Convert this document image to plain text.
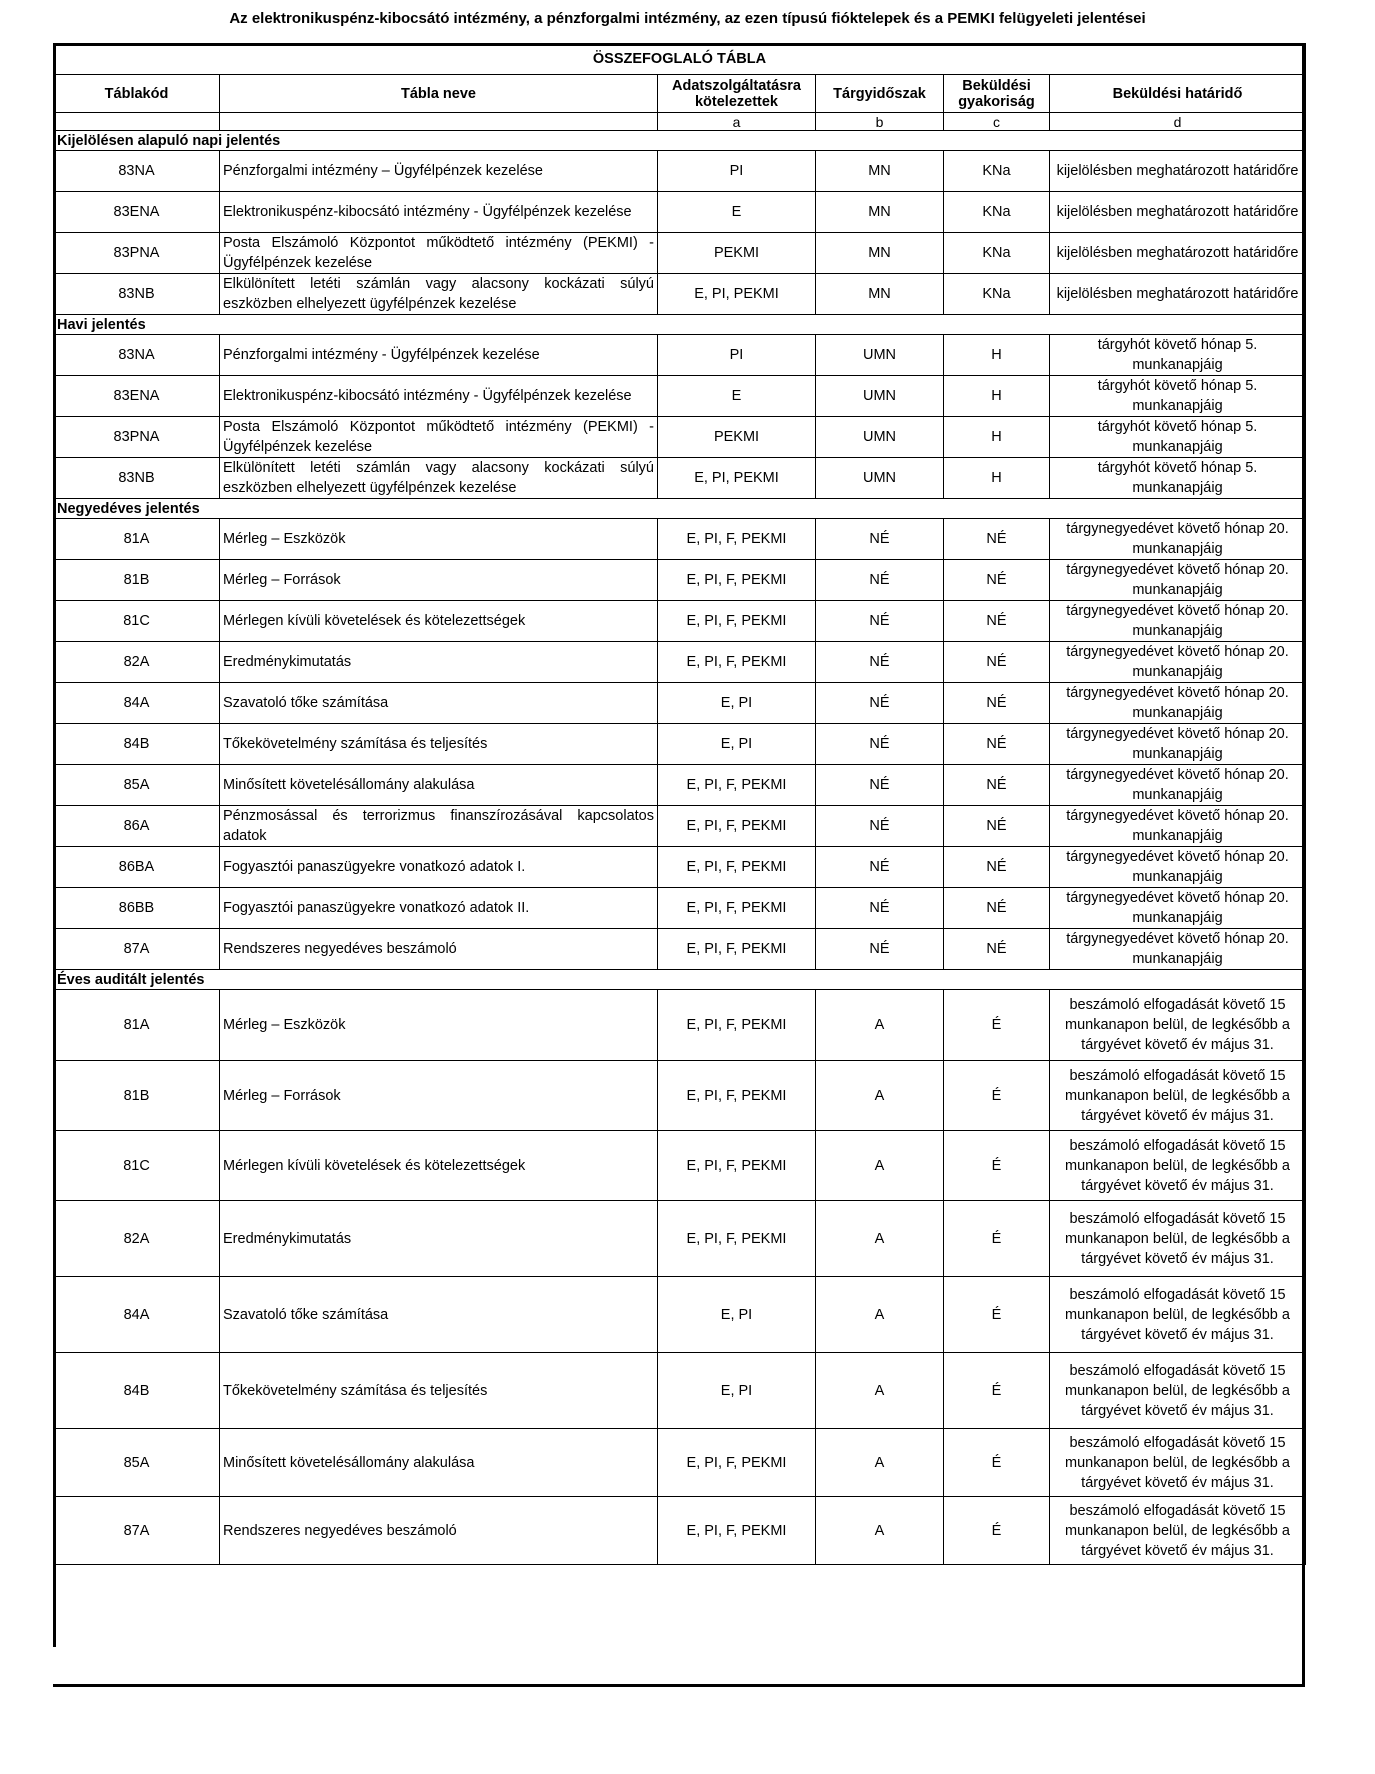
Az elektronikuspénz-kibocsátó intézmény, a pénzforgalmi intézmény, az ezen típusú fióktelepek és a PEMKI felügyeleti jelentései
ÖSSZEFOGLALÓ TÁBLA					
Táblakód	Tábla neve	Adatszolgáltatásra kötelezettek	Tárgyidőszak	Beküldési gyakoriság	Beküldési határidő
		a	b	c	d
Kijelölésen alapuló napi jelentés					
83NA	Pénzforgalmi intézmény – Ügyfélpénzek kezelése	PI	MN	KNa	kijelölésben meghatározott határidőre
83ENA	Elektronikuspénz-kibocsátó intézmény - Ügyfélpénzek kezelése	E	MN	KNa	kijelölésben meghatározott határidőre
83PNA	Posta Elszámoló Központot működtető intézmény (PEKMI) - Ügyfélpénzek kezelése	PEKMI	MN	KNa	kijelölésben meghatározott határidőre
83NB	Elkülönített letéti számlán vagy alacsony kockázati súlyú eszközben elhelyezett ügyfélpénzek kezelése	E, PI, PEKMI	MN	KNa	kijelölésben meghatározott határidőre
Havi jelentés					
83NA	Pénzforgalmi intézmény - Ügyfélpénzek kezelése	PI	UMN	H	tárgyhót követő hónap 5. munkanapjáig
83ENA	Elektronikuspénz-kibocsátó intézmény - Ügyfélpénzek kezelése	E	UMN	H	tárgyhót követő hónap 5. munkanapjáig
83PNA	Posta Elszámoló Központot működtető intézmény (PEKMI) - Ügyfélpénzek kezelése	PEKMI	UMN	H	tárgyhót követő hónap 5. munkanapjáig
83NB	Elkülönített letéti számlán vagy alacsony kockázati súlyú eszközben elhelyezett ügyfélpénzek kezelése	E, PI, PEKMI	UMN	H	tárgyhót követő hónap 5. munkanapjáig
Negyedéves jelentés					
81A	Mérleg – Eszközök	E, PI, F, PEKMI	NÉ	NÉ	tárgynegyedévet követő hónap 20. munkanapjáig
81B	Mérleg – Források	E, PI, F, PEKMI	NÉ	NÉ	tárgynegyedévet követő hónap 20. munkanapjáig
81C	Mérlegen kívüli követelések és kötelezettségek	E, PI, F, PEKMI	NÉ	NÉ	tárgynegyedévet követő hónap 20. munkanapjáig
82A	Eredménykimutatás	E, PI, F, PEKMI	NÉ	NÉ	tárgynegyedévet követő hónap 20. munkanapjáig
84A	Szavatoló tőke számítása	E, PI	NÉ	NÉ	tárgynegyedévet követő hónap 20. munkanapjáig
84B	Tőkekövetelmény számítása és teljesítés	E, PI	NÉ	NÉ	tárgynegyedévet követő hónap 20. munkanapjáig
85A	Minősített követelésállomány alakulása	E, PI, F, PEKMI	NÉ	NÉ	tárgynegyedévet követő hónap 20. munkanapjáig
86A	Pénzmosással és terrorizmus finanszírozásával kapcsolatos adatok	E, PI, F, PEKMI	NÉ	NÉ	tárgynegyedévet követő hónap 20. munkanapjáig
86BA	Fogyasztói panaszügyekre vonatkozó adatok I.	E, PI, F, PEKMI	NÉ	NÉ	tárgynegyedévet követő hónap 20. munkanapjáig
86BB	Fogyasztói panaszügyekre vonatkozó adatok II.	E, PI, F, PEKMI	NÉ	NÉ	tárgynegyedévet követő hónap 20. munkanapjáig
87A	Rendszeres negyedéves beszámoló	E, PI, F, PEKMI	NÉ	NÉ	tárgynegyedévet követő hónap 20. munkanapjáig
Éves auditált jelentés					
81A	Mérleg – Eszközök	E, PI, F, PEKMI	A	É	beszámoló elfogadását követő 15 munkanapon belül, de legkésőbb a tárgyévet követő év május 31.
81B	Mérleg – Források	E, PI, F, PEKMI	A	É	beszámoló elfogadását követő 15 munkanapon belül, de legkésőbb a tárgyévet követő év május 31.
81C	Mérlegen kívüli követelések és kötelezettségek	E, PI, F, PEKMI	A	É	beszámoló elfogadását követő 15 munkanapon belül, de legkésőbb a tárgyévet követő év május 31.
82A	Eredménykimutatás	E, PI, F, PEKMI	A	É	beszámoló elfogadását követő 15 munkanapon belül, de legkésőbb a tárgyévet követő év május 31.
84A	Szavatoló tőke számítása	E, PI	A	É	beszámoló elfogadását követő 15 munkanapon belül, de legkésőbb a tárgyévet követő év május 31.
84B	Tőkekövetelmény számítása és teljesítés	E, PI	A	É	beszámoló elfogadását követő 15 munkanapon belül, de legkésőbb a tárgyévet követő év május 31.
85A	Minősített követelésállomány alakulása	E, PI, F, PEKMI	A	É	beszámoló elfogadását követő 15 munkanapon belül, de legkésőbb a tárgyévet követő év május 31.
87A	Rendszeres negyedéves beszámoló	E, PI, F, PEKMI	A	É	beszámoló elfogadását követő 15 munkanapon belül, de legkésőbb a tárgyévet követő év május 31.
